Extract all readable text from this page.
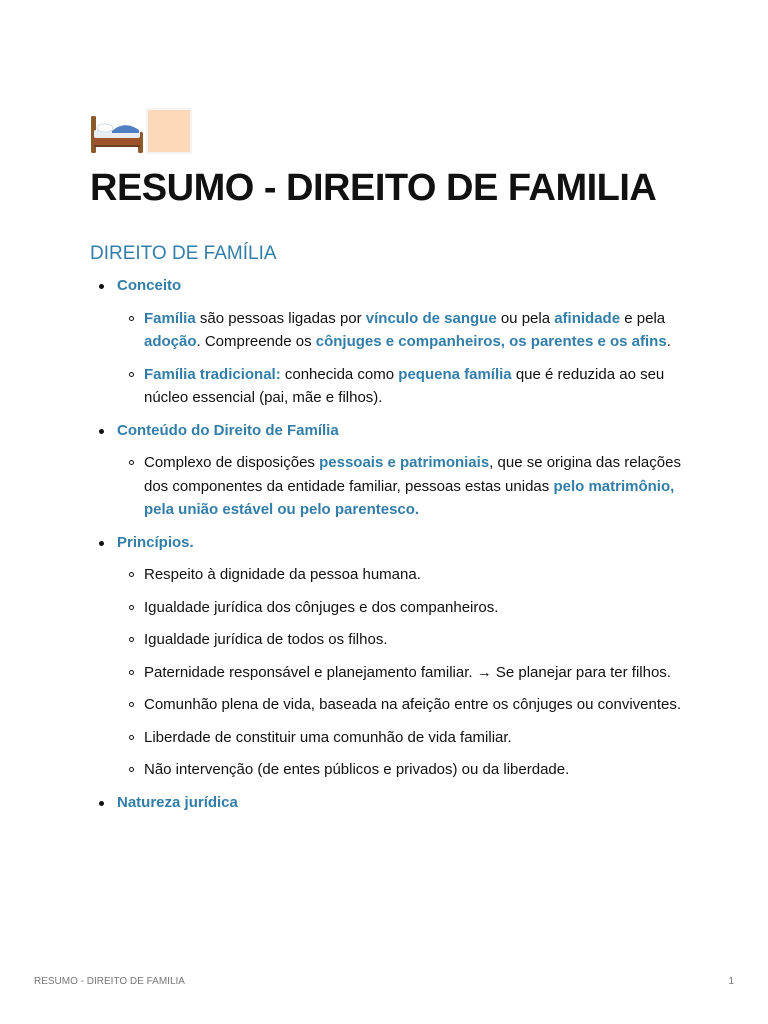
RESUMO - DIREITO DE FAMILIA
DIREITO DE FAMÍLIA
Conceito
Família são pessoas ligadas por vínculo de sangue ou pela afinidade e pela adoção. Compreende os cônjuges e companheiros, os parentes e os afins.
Família tradicional: conhecida como pequena família que é reduzida ao seu núcleo essencial (pai, mãe e filhos).
Conteúdo do Direito de Família
Complexo de disposições pessoais e patrimoniais, que se origina das relações dos componentes da entidade familiar, pessoas estas unidas pelo matrimônio, pela união estável ou pelo parentesco.
Princípios.
Respeito à dignidade da pessoa humana.
Igualdade jurídica dos cônjuges e dos companheiros.
Igualdade jurídica de todos os filhos.
Paternidade responsável e planejamento familiar. → Se planejar para ter filhos.
Comunhão plena de vida, baseada na afeição entre os cônjuges ou conviventes.
Liberdade de constituir uma comunhão de vida familiar.
Não intervenção (de entes públicos e privados) ou da liberdade.
Natureza jurídica
RESUMO - DIREITO DE FAMILIA	1
